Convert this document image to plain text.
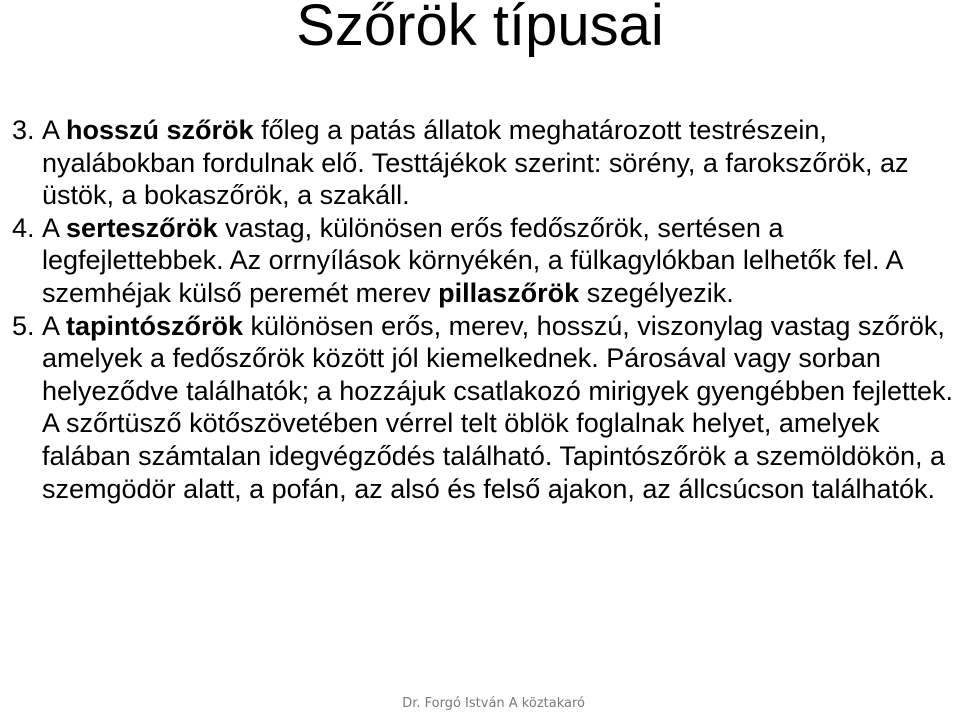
Szőrök típusai

3. A hosszú szőrök főleg a patás állatok meghatározott testrészein, nyalábokban fordulnak elő. Testtájékok szerint: sörény, a farokszőrök, az üstök, a bokaszőrök, a szakáll.

4. A serteszőrök vastag, különösen erős fedőszőrök, sertésen a legfejlettebbek. Az orrnyílások környékén, a fülkagylókban lelhetők fel. A szemhéjak külső peremét merev pillaszőrök szegélyezik.

5. A tapintószőrök különösen erős, merev, hosszú, viszonylag vastag szőrök, amelyek a fedőszőrök között jól kiemelkednek. Párosával vagy sorban helyeződve találhatók; a hozzájuk csatlakozó mirigyek gyengébben fejlettek. A szőrtüsző kötőszövetében vérrel telt öblök foglalnak helyet, amelyek falában számtalan idegvégződés található. Tapintószőrök a szemöldökön, a szemgödör alatt, a pofán, az alsó és felső ajakon, az állcsúcson találhatók.

Dr. Forgó István A köztakaró
